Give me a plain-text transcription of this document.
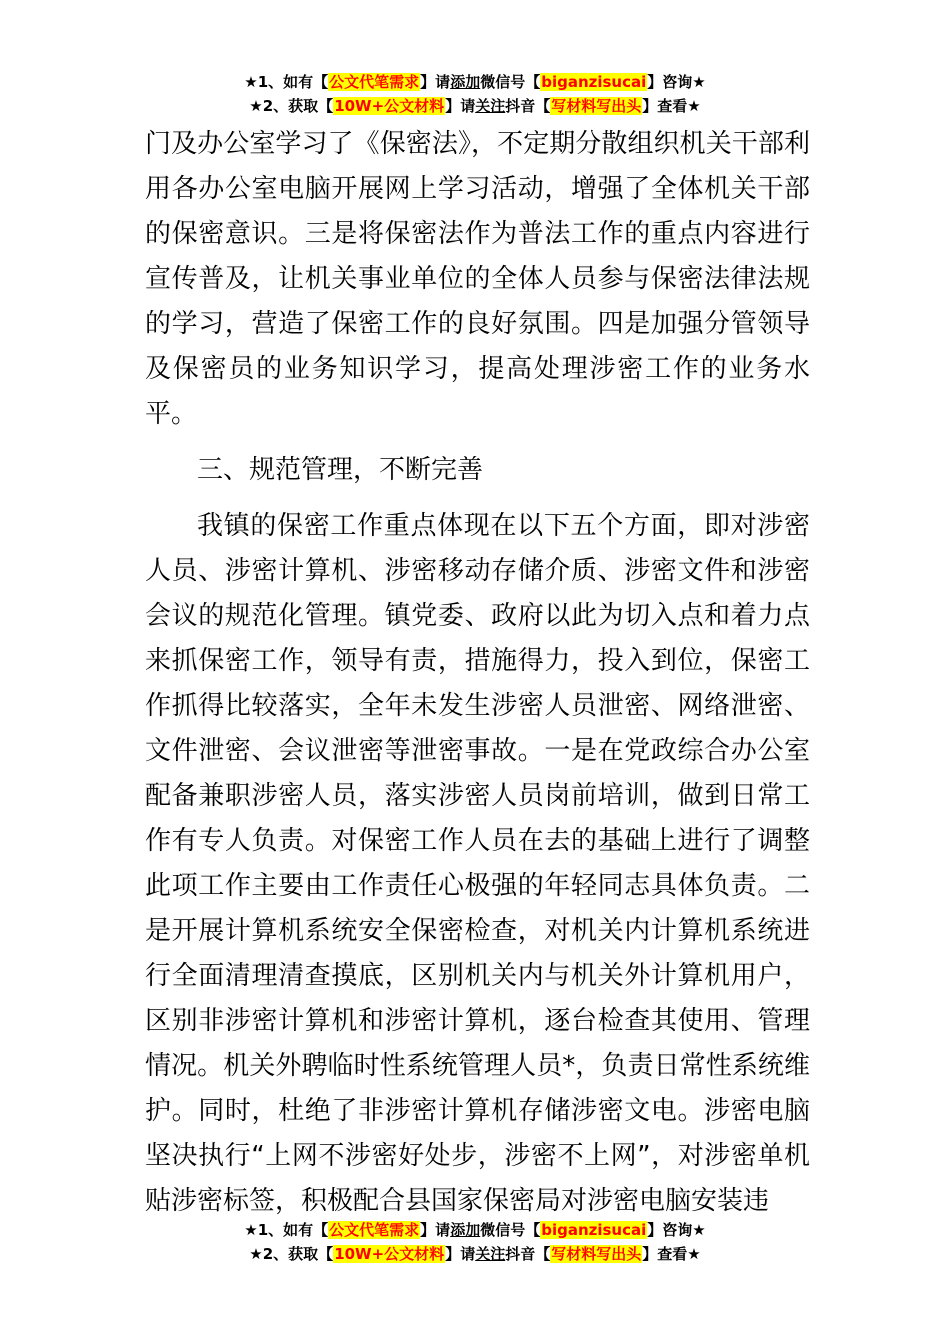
★1、如有【公文代笔需求】请添加微信号【biganzisucai】咨询★
★2、获取【10W+公文材料】请关注抖音【写材料写出头】查看★

门及办公室学习了《保密法》，不定期分散组织机关干部利用各办公室电脑开展网上学习活动，增强了全体机关干部的保密意识。三是将保密法作为普法工作的重点内容进行宣传普及，让机关事业单位的全体人员参与保密法律法规的学习，营造了保密工作的良好氛围。四是加强分管领导及保密员的业务知识学习，提高处理涉密工作的业务水平。

三、规范管理，不断完善

我镇的保密工作重点体现在以下五个方面，即对涉密人员、涉密计算机、涉密移动存储介质、涉密文件和涉密会议的规范化管理。镇党委、政府以此为切入点和着力点来抓保密工作，领导有责，措施得力，投入到位，保密工作抓得比较落实，全年未发生涉密人员泄密、网络泄密、文件泄密、会议泄密等泄密事故。一是在党政综合办公室配备兼职涉密人员，落实涉密人员岗前培训，做到日常工作有专人负责。对保密工作人员在去的基础上进行了调整此项工作主要由工作责任心极强的年轻同志具体负责。二是开展计算机系统安全保密检查，对机关内计算机系统进行全面清理清查摸底，区别机关内与机关外计算机用户，区别非涉密计算机和涉密计算机，逐台检查其使用、管理情况。机关外聘临时性系统管理人员*，负责日常性系统维护。同时，杜绝了非涉密计算机存储涉密文电。涉密电脑坚决执行“上网不涉密好处步，涉密不上网”，对涉密单机贴涉密标签，积极配合县国家保密局对涉密电脑安装违

★1、如有【公文代笔需求】请添加微信号【biganzisucai】咨询★
★2、获取【10W+公文材料】请关注抖音【写材料写出头】查看★
